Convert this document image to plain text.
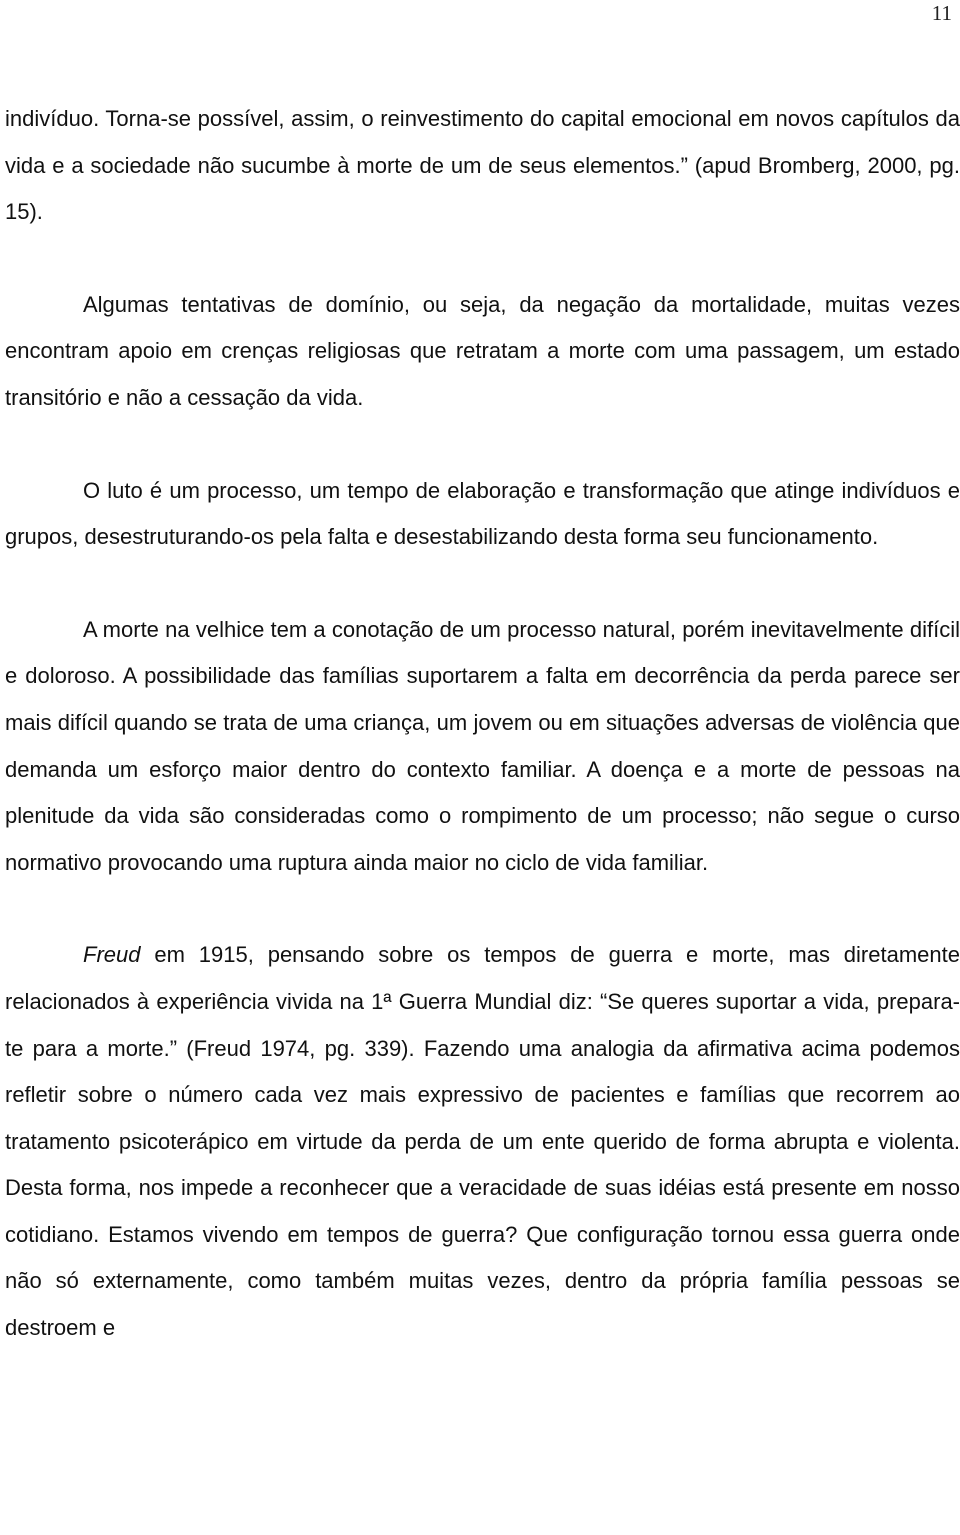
11

indivíduo. Torna-se possível, assim, o reinvestimento do capital emocional em novos capítulos da vida e a sociedade não sucumbe à morte de um de seus elementos.” (apud Bromberg, 2000, pg. 15).

Algumas tentativas de domínio, ou seja, da negação da mortalidade, muitas vezes encontram apoio em crenças religiosas que retratam a morte com uma passagem, um estado transitório e não a cessação da vida.

O luto é um processo, um tempo de elaboração e transformação que atinge indivíduos e grupos, desestruturando-os pela falta e desestabilizando desta forma seu funcionamento.

A morte na velhice tem a conotação de um processo natural, porém inevitavelmente difícil e doloroso. A possibilidade das famílias suportarem a falta em decorrência da perda parece ser mais difícil quando se trata de uma criança, um jovem ou em situações adversas de violência que demanda um esforço maior dentro do contexto familiar. A doença e a morte de pessoas na plenitude da vida são consideradas como o rompimento de um processo; não segue o curso normativo provocando uma ruptura ainda maior no ciclo de vida familiar.

Freud em 1915, pensando sobre os tempos de guerra e morte, mas diretamente relacionados à experiência vivida na 1ª Guerra Mundial diz: “Se queres suportar a vida, prepara-te para a morte.” (Freud 1974, pg. 339). Fazendo uma analogia da afirmativa acima podemos refletir sobre o número cada vez mais expressivo de pacientes e famílias que recorrem ao tratamento psicoterápico em virtude da perda de um ente querido de forma abrupta e violenta. Desta forma, nos impede a reconhecer que a veracidade de suas idéias está presente em nosso cotidiano. Estamos vivendo em tempos de guerra? Que configuração tornou essa guerra onde não só externamente, como também muitas vezes, dentro da própria família pessoas se destroem e
